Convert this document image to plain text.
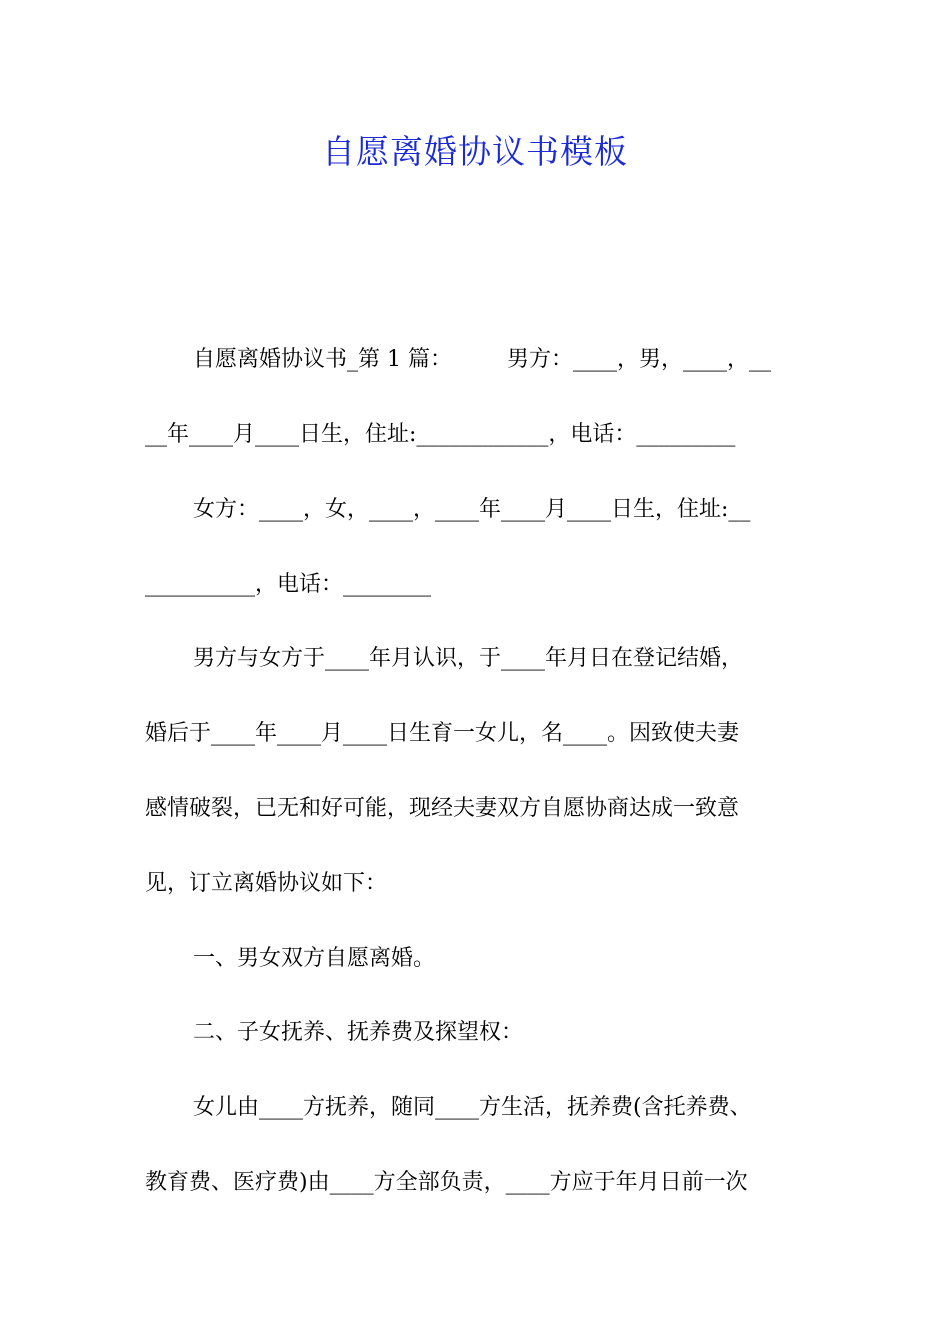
自愿离婚协议书模板
自愿离婚协议书_第 1 篇：　　　男方：____，男，____，__
__年____月____日生，住址:____________，电话：_________
女方：____，女，____，____年____月____日生，住址:__
__________，电话：________
男方与女方于____年月认识，于____年月日在登记结婚，
婚后于____年____月____日生育一女儿，名____。因致使夫妻
感情破裂，已无和好可能，现经夫妻双方自愿协商达成一致意
见，订立离婚协议如下：
一、男女双方自愿离婚。
二、子女抚养、抚养费及探望权：
女儿由____方抚养，随同____方生活，抚养费(含托养费、
教育费、医疗费)由____方全部负责，____方应于年月日前一次
